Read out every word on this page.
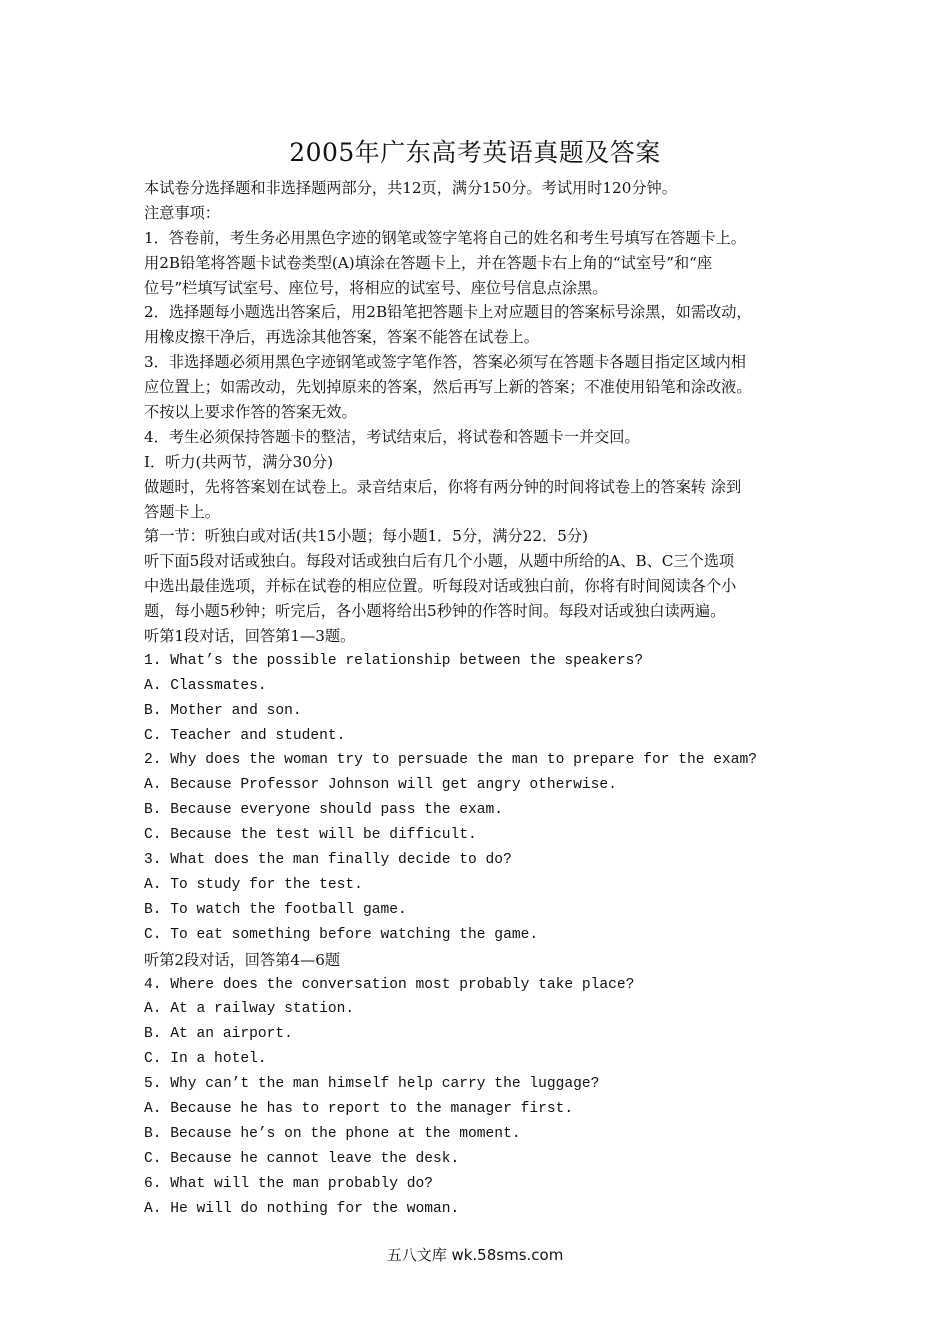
2005年广东高考英语真题及答案
本试卷分选择题和非选择题两部分，共12页，满分150分。考试用时120分钟。
注意事项：
1．答卷前，考生务必用黑色字迹的钢笔或签字笔将自己的姓名和考生号填写在答题卡上。
用2B铅笔将答题卡试卷类型(A)填涂在答题卡上，并在答题卡右上角的“试室号”和“座
位号”栏填写试室号、座位号，将相应的试室号、座位号信息点涂黑。
2．选择题每小题选出答案后，用2B铅笔把答题卡上对应题目的答案标号涂黑，如需改动，
用橡皮擦干净后，再选涂其他答案，答案不能答在试卷上。
3．非选择题必须用黑色字迹钢笔或签字笔作答，答案必须写在答题卡各题目指定区域内相
应位置上；如需改动，先划掉原来的答案，然后再写上新的答案；不准使用铅笔和涂改液。
不按以上要求作答的答案无效。
4．考生必须保持答题卡的整洁，考试结束后，将试卷和答题卡一并交回。
I．听力(共两节，满分30分)
做题时，先将答案划在试卷上。录音结束后，你将有两分钟的时间将试卷上的答案转 涂到
答题卡上。
第一节：听独白或对话(共15小题；每小题1．5分，满分22．5分)
听下面5段对话或独白。每段对话或独白后有几个小题，从题中所给的A、B、C三个选项
中选出最佳选项，并标在试卷的相应位置。听每段对话或独白前，你将有时间阅读各个小
题，每小题5秒钟；听完后，各小题将给出5秒钟的作答时间。每段对话或独白读两遍。
听第1段对话，回答第1—3题。
1. What’s the possible relationship between the speakers?
A. Classmates.
B. Mother and son.
C. Teacher and student.
2. Why does the woman try to persuade the man to prepare for the exam?
A. Because Professor Johnson will get angry otherwise.
B. Because everyone should pass the exam.
C. Because the test will be difficult.
3. What does the man finally decide to do?
A. To study for the test.
B. To watch the football game.
C. To eat something before watching the game.
听第2段对话，回答第4—6题
4. Where does the conversation most probably take place?
A. At a railway station.
B. At an airport.
C. In a hotel.
5. Why can’t the man himself help carry the luggage?
A. Because he has to report to the manager first.
B. Because he’s on the phone at the moment.
C. Because he cannot leave the desk.
6. What will the man probably do?
A. He will do nothing for the woman.
五八文库 wk.58sms.com
